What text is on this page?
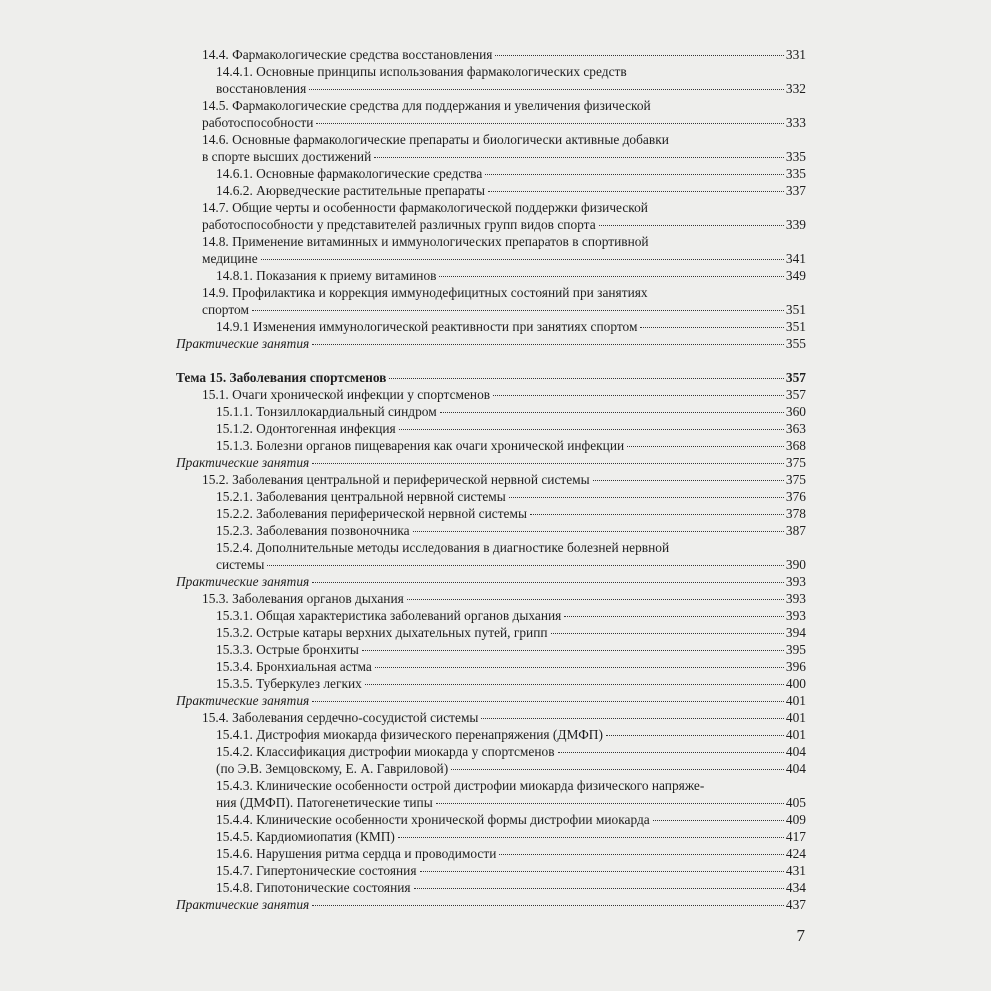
14.4. Фармакологические средства восстановления	331
14.4.1. Основные принципы использования фармакологических средств
восстановления	332
14.5. Фармакологические средства для поддержания и увеличения физической
работоспособности	333
14.6. Основные фармакологические препараты и биологически активные добавки
в спорте высших достижений	335
14.6.1. Основные фармакологические средства	335
14.6.2. Аюрведческие растительные препараты	337
14.7. Общие черты и особенности фармакологической поддержки физической
работоспособности у представителей различных групп видов спорта	339
14.8. Применение витаминных и иммунологических препаратов в спортивной
медицине	341
14.8.1. Показания к приему витаминов	349
14.9. Профилактика и коррекция иммунодефицитных состояний при занятиях
спортом	351
14.9.1 Изменения иммунологической реактивности при занятиях спортом	351
Практические занятия	355
Тема 15. Заболевания спортсменов	357
15.1. Очаги хронической инфекции у спортсменов	357
15.1.1. Тонзиллокардиальный синдром	360
15.1.2. Одонтогенная инфекция	363
15.1.3. Болезни органов пищеварения как очаги хронической инфекции	368
Практические занятия	375
15.2. Заболевания центральной и периферической нервной системы	375
15.2.1. Заболевания центральной нервной системы	376
15.2.2. Заболевания периферической нервной системы	378
15.2.3. Заболевания позвоночника	387
15.2.4. Дополнительные методы исследования в диагностике болезней нервной
системы	390
Практические занятия	393
15.3. Заболевания органов дыхания	393
15.3.1. Общая характеристика заболеваний органов дыхания	393
15.3.2. Острые катары верхних дыхательных путей, грипп	394
15.3.3. Острые бронхиты	395
15.3.4. Бронхиальная астма	396
15.3.5. Туберкулез легких	400
Практические занятия	401
15.4. Заболевания сердечно-сосудистой системы	401
15.4.1. Дистрофия миокарда физического перенапряжения (ДМФП)	401
15.4.2. Классификация дистрофии миокарда у спортсменов	404
(по Э.В. Земцовскому, Е. А. Гавриловой)	404
15.4.3. Клинические особенности острой дистрофии миокарда физического напряже-
ния (ДМФП). Патогенетические типы	405
15.4.4. Клинические особенности хронической формы дистрофии миокарда	409
15.4.5. Кардиомиопатия (КМП)	417
15.4.6. Нарушения ритма сердца и проводимости	424
15.4.7. Гипертонические состояния	431
15.4.8. Гипотонические состояния	434
Практические занятия	437
7
